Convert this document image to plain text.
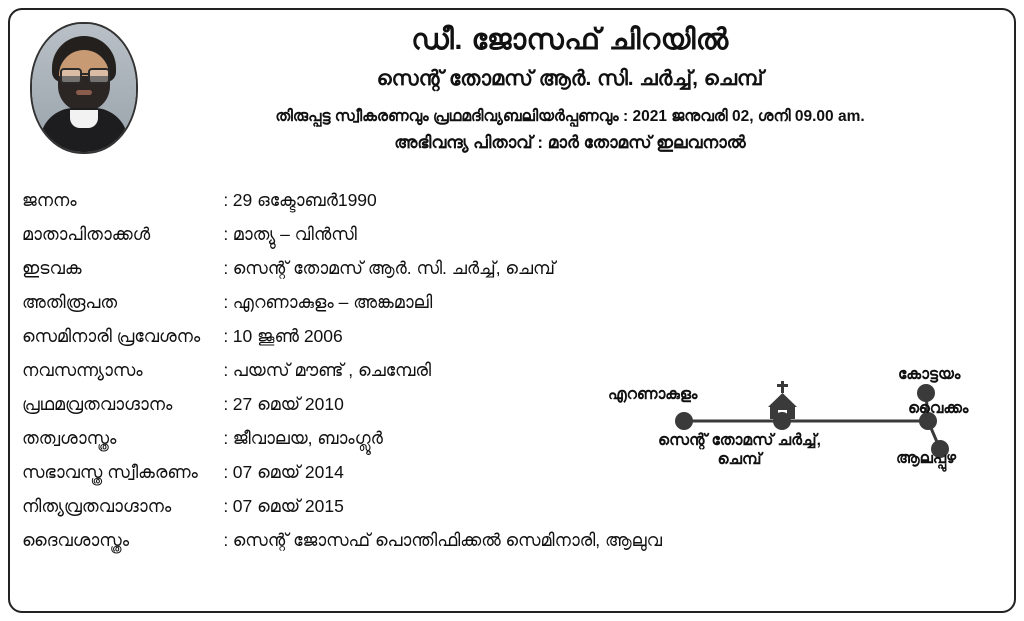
ഡീ. ജോസഫ് ചിറയിൽ
സെന്റ് തോമസ് ആർ. സി. ചർച്ച്, ചെമ്പ്
തിരുപ്പട്ട സ്വീകരണവും പ്രഥമദിവ്യബലിയർപ്പണവും : 2021 ജനുവരി 02, ശനി 09.00 am.
അഭിവന്ദ്യ പിതാവ് : മാർ തോമസ് ഇലവനാൽ
ജനനം	:	29 ഒക്ടോബർ1990
മാതാപിതാക്കൾ	:	മാത്യു – വിൻസി
ഇടവക	:	സെന്റ് തോമസ് ആർ. സി. ചർച്ച്, ചെമ്പ്
അതിരൂപത	:	എറണാകുളം – അങ്കമാലി
സെമിനാരി പ്രവേശനം	:	10 ജൂൺ 2006
നവസന്ന്യാസം	:	പയസ് മൗണ്ട് , ചെമ്പേരി
പ്രഥമവ്രതവാഗ്ദാനം	:	27 മെയ് 2010
തത്വശാസ്ത്രം	:	ജീവാലയ, ബാംഗ്ലൂർ
സഭാവസ്ത്ര സ്വീകരണം	:	07 മെയ് 2014
നിത്യവ്രതവാഗ്ദാനം	:	07 മെയ് 2015
ദൈവശാസ്ത്രം	:	സെന്റ് ജോസഫ് പൊന്തിഫിക്കൽ സെമിനാരി, ആലുവ
എറണാകുളം
സെന്റ് തോമസ് ചർച്ച്,
ചെമ്പ്
കോട്ടയം
വൈക്കം
ആലപ്പുഴ
